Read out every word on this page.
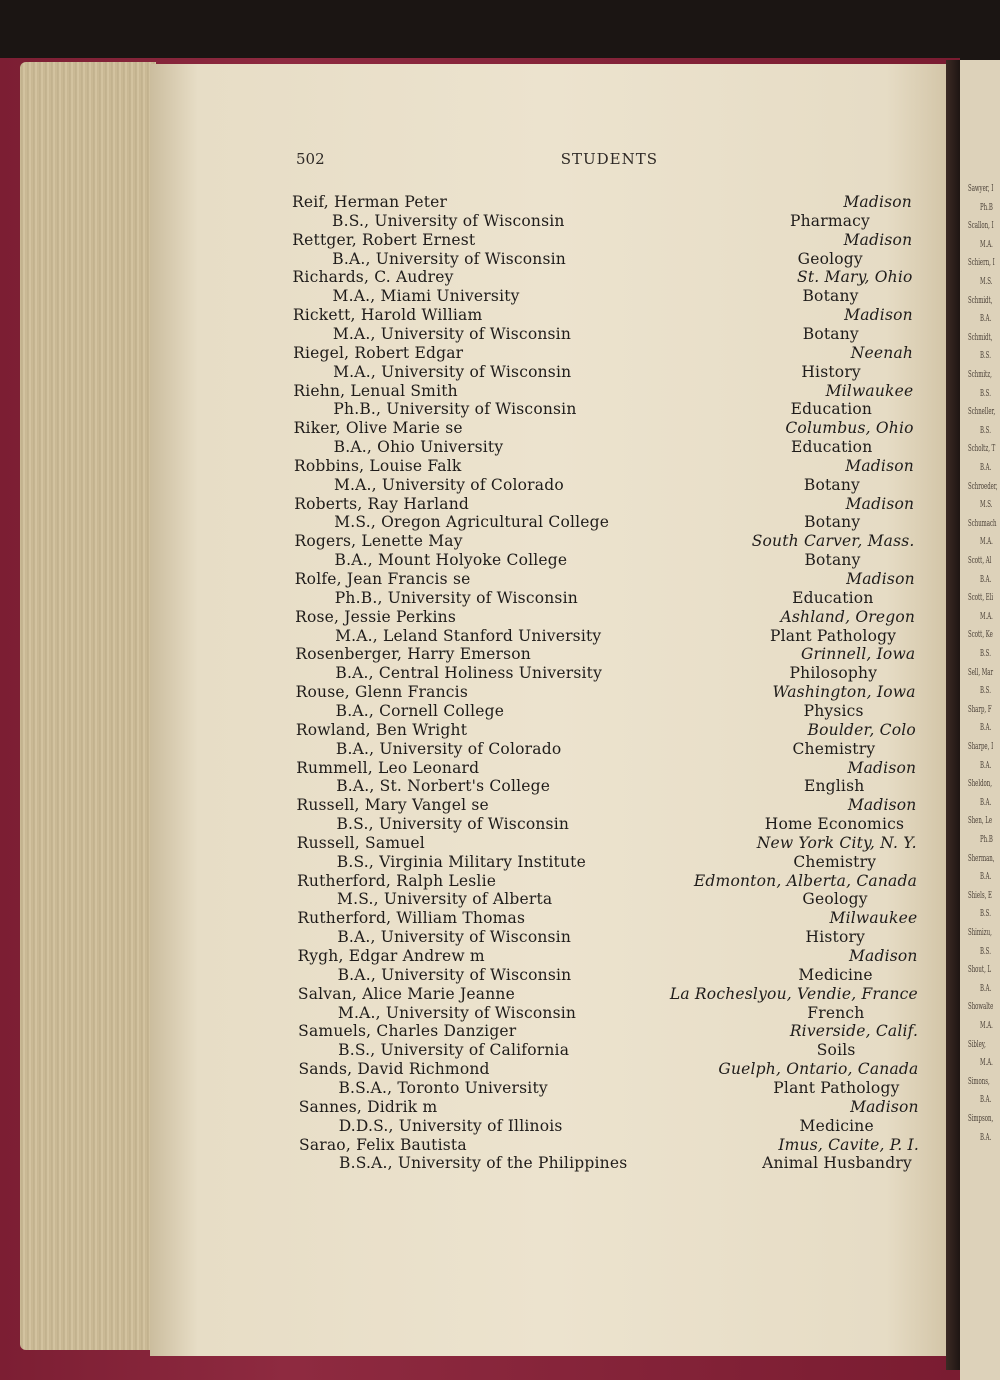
Sawyer, I
Ph.B
Scallon, I
M.A.
Schiern, I
M.S.
Schmidt,
B.A.
Schmidt,
B.S.
Schmitz,
B.S.
Schneller,
B.S.
Scholtz, T
B.A.
Schroeder,
M.S.
Schumach
M.A.
Scott, Al
B.A.
Scott, Eli
M.A.
Scott, Ke
B.S.
Sell, Mar
B.S.
Sharp, F
B.A.
Sharpe, I
B.A.
Sheldon,
B.A.
Shen, Le
Ph.B
Sherman,
B.A.
Shiels, E
B.S.
Shimizu,
B.S.
Shout, L
B.A.
Showalte
M.A.
Sibley,
M.A.
Simons,
B.A.
Simpson,
B.A.
502	STUDENTS
Reif, Herman Peter	Madison
B.S., University of Wisconsin	Pharmacy
Rettger, Robert Ernest	Madison
B.A., University of Wisconsin	Geology
Richards, C. Audrey	St. Mary, Ohio
M.A., Miami University	Botany
Rickett, Harold William	Madison
M.A., University of Wisconsin	Botany
Riegel, Robert Edgar	Neenah
M.A., University of Wisconsin	History
Riehn, Lenual Smith	Milwaukee
Ph.B., University of Wisconsin	Education
Riker, Olive Marie se	Columbus, Ohio
B.A., Ohio University	Education
Robbins, Louise Falk	Madison
M.A., University of Colorado	Botany
Roberts, Ray Harland	Madison
M.S., Oregon Agricultural College	Botany
Rogers, Lenette May	South Carver, Mass.
B.A., Mount Holyoke College	Botany
Rolfe, Jean Francis se	Madison
Ph.B., University of Wisconsin	Education
Rose, Jessie Perkins	Ashland, Oregon
M.A., Leland Stanford University	Plant Pathology
Rosenberger, Harry Emerson	Grinnell, Iowa
B.A., Central Holiness University	Philosophy
Rouse, Glenn Francis	Washington, Iowa
B.A., Cornell College	Physics
Rowland, Ben Wright	Boulder, Colo
B.A., University of Colorado	Chemistry
Rummell, Leo Leonard	Madison
B.A., St. Norbert's College	English
Russell, Mary Vangel se	Madison
B.S., University of Wisconsin	Home Economics
Russell, Samuel	New York City, N. Y.
B.S., Virginia Military Institute	Chemistry
Rutherford, Ralph Leslie	Edmonton, Alberta, Canada
M.S., University of Alberta	Geology
Rutherford, William Thomas	Milwaukee
B.A., University of Wisconsin	History
Rygh, Edgar Andrew m	Madison
B.A., University of Wisconsin	Medicine
Salvan, Alice Marie Jeanne	La Rocheslyou, Vendie, France
M.A., University of Wisconsin	French
Samuels, Charles Danziger	Riverside, Calif.
B.S., University of California	Soils
Sands, David Richmond	Guelph, Ontario, Canada
B.S.A., Toronto University	Plant Pathology
Sannes, Didrik m	Madison
D.D.S., University of Illinois	Medicine
Sarao, Felix Bautista	Imus, Cavite, P. I.
B.S.A., University of the Philippines	Animal Husbandry
